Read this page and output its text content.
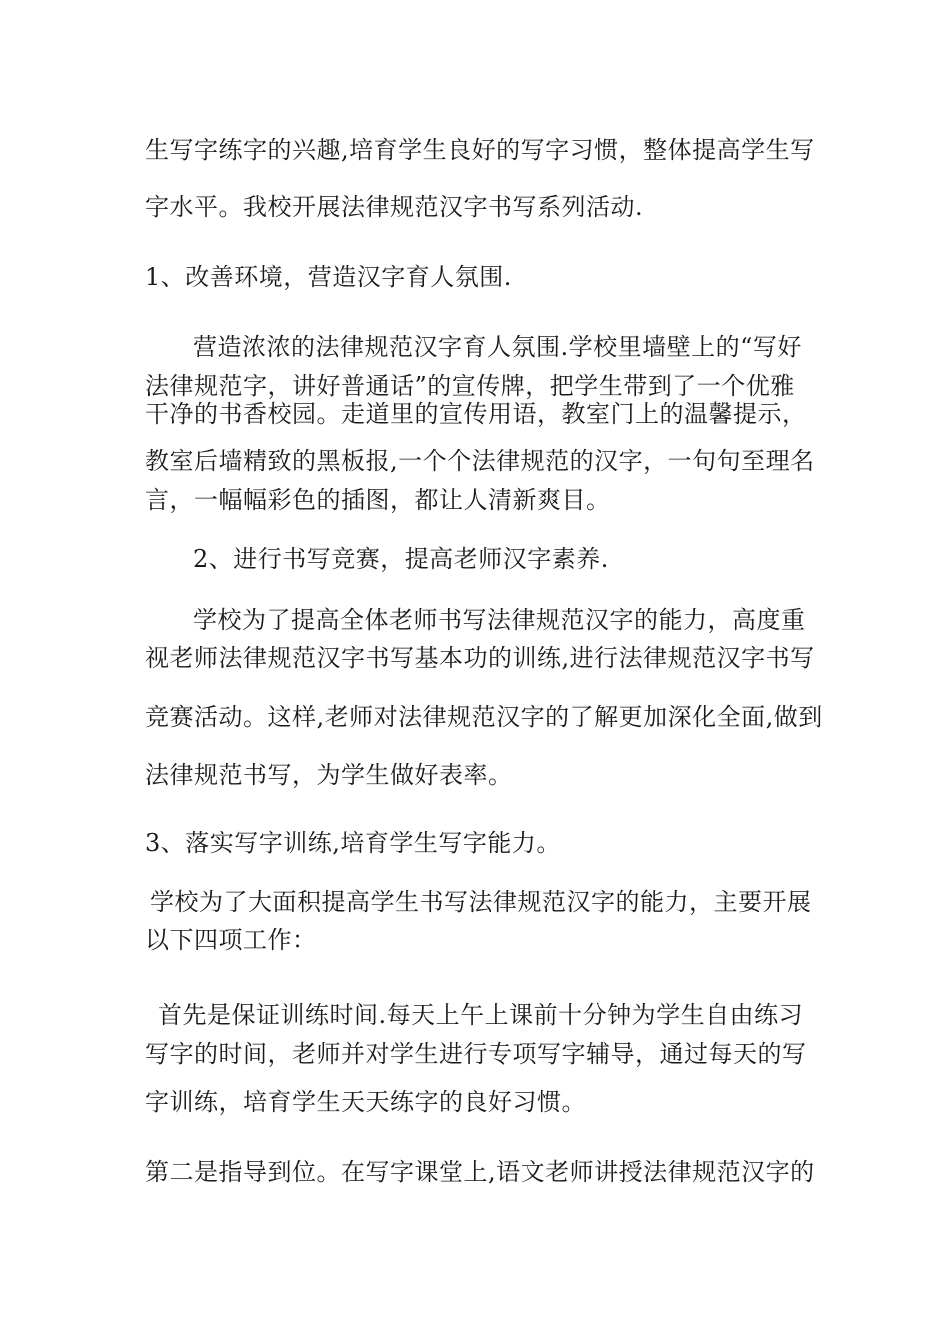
生写字练字的兴趣,培育学生良好的写字习惯，整体提高学生写
字水平。我校开展法律规范汉字书写系列活动.
1、改善环境，营造汉字育人氛围.
营造浓浓的法律规范汉字育人氛围.学校里墙壁上的“写好
法律规范字，讲好普通话”的宣传牌，把学生带到了一个优雅
干净的书香校园。走道里的宣传用语，教室门上的温馨提示，
教室后墙精致的黑板报,一个个法律规范的汉字，一句句至理名
言，一幅幅彩色的插图，都让人清新爽目。
2、进行书写竞赛，提高老师汉字素养.
学校为了提高全体老师书写法律规范汉字的能力，高度重
视老师法律规范汉字书写基本功的训练,进行法律规范汉字书写
竞赛活动。这样,老师对法律规范汉字的了解更加深化全面,做到
法律规范书写，为学生做好表率。
3、落实写字训练,培育学生写字能力。
学校为了大面积提高学生书写法律规范汉字的能力，主要开展
以下四项工作：
首先是保证训练时间.每天上午上课前十分钟为学生自由练习
写字的时间，老师并对学生进行专项写字辅导，通过每天的写
字训练，培育学生天天练字的良好习惯。
第二是指导到位。在写字课堂上,语文老师讲授法律规范汉字的
